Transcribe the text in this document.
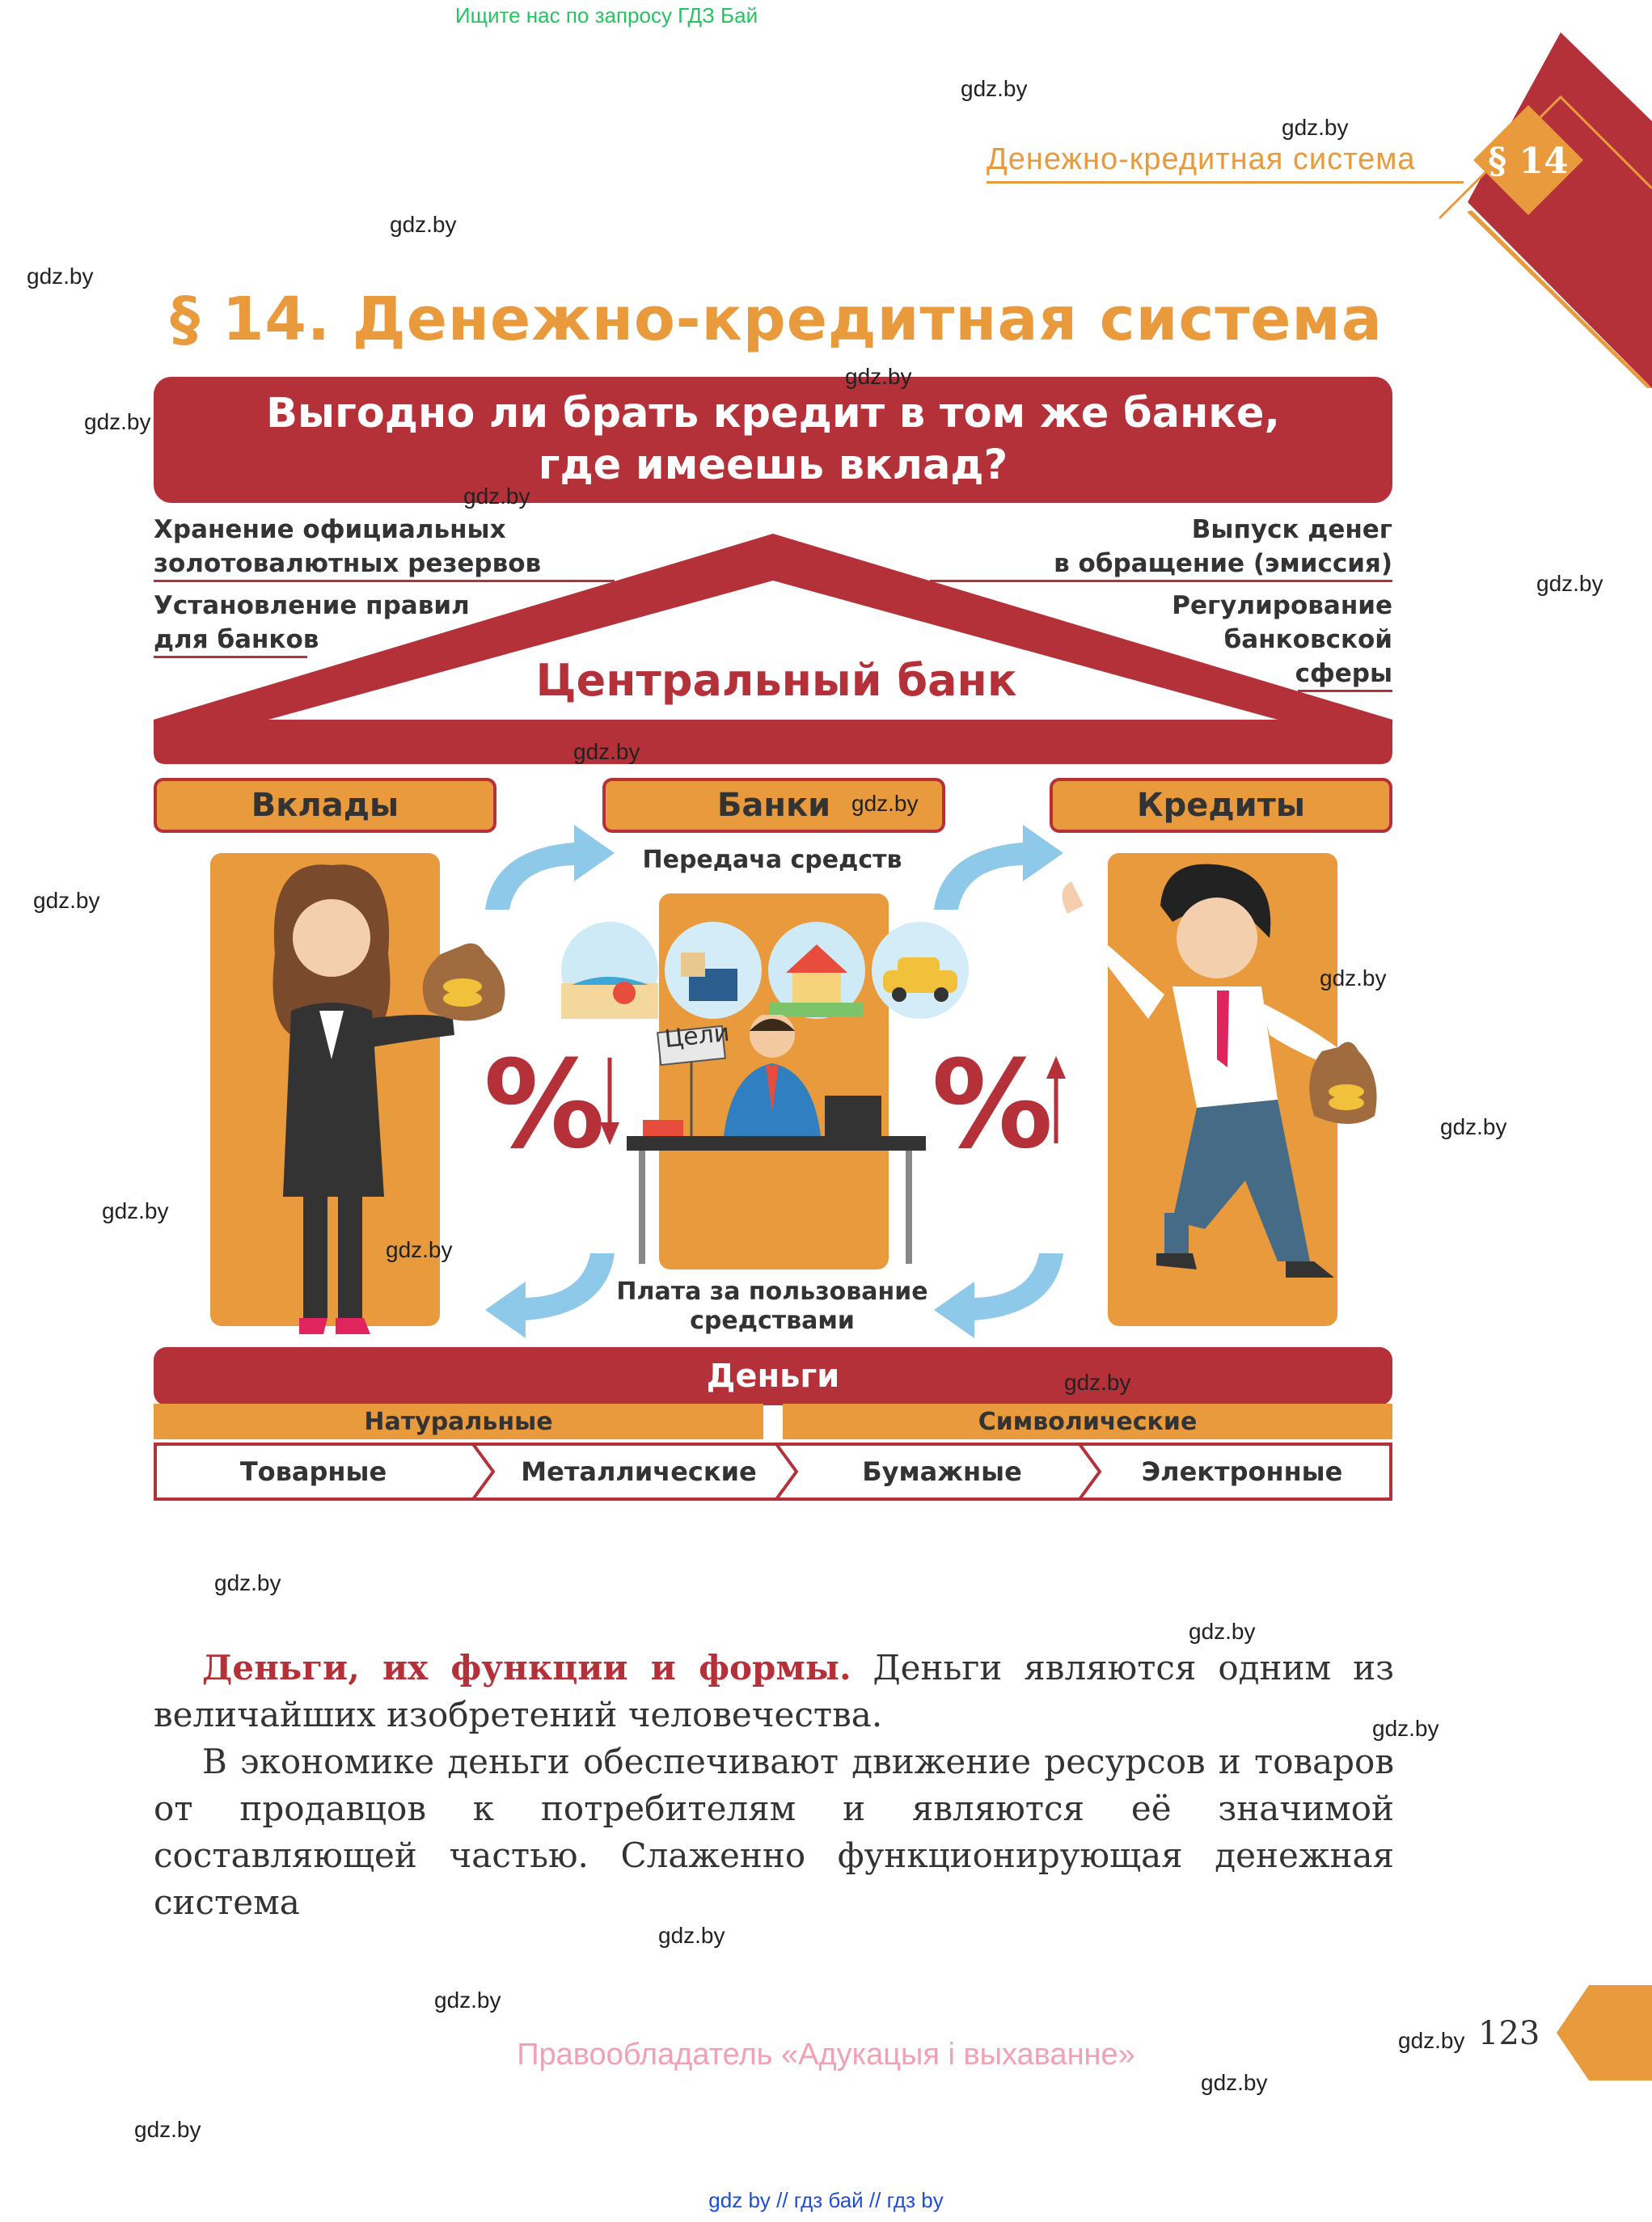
Ищите нас по запросу ГДЗ Бай
§ 14
Денежно-кредитная система
§ 14. Денежно-кредитная система
Выгодно ли брать кредит в том же банке,
где имеешь вклад?
Хранение официальных
золотовалютных резервов
Установление правил
для банков
Выпуск денег
в обращение (эмиссия)
Регулирование
банковской
сферы
Центральный банк
Вклады	Банки	Кредиты
Передача средств
Плата за пользование
средствами
Цели
%	%
Деньги
Натуральные	Символические
Товарные	Металлические	Бумажные	Электронные
Деньги, их функции и формы. Деньги являются одним из величайших изобретений человечества.
В экономике деньги обеспечивают движение ресурсов и товаров от продавцов к потребителям и являются её значимой составляющей частью. Слаженно функционирующая денежная система
123
Правообладатель «Адукацыя і выхаванне»
gdz by // гдз бай // гдз by
gdz.by
gdz.by
gdz.by
gdz.by
gdz.by
gdz.by
gdz.by
gdz.by
gdz.by
gdz.by
gdz.by
gdz.by
gdz.by
gdz.by
gdz.by
gdz.by
gdz.by
gdz.by
gdz.by
gdz.by
gdz.by
gdz.by
gdz.by
gdz.by
